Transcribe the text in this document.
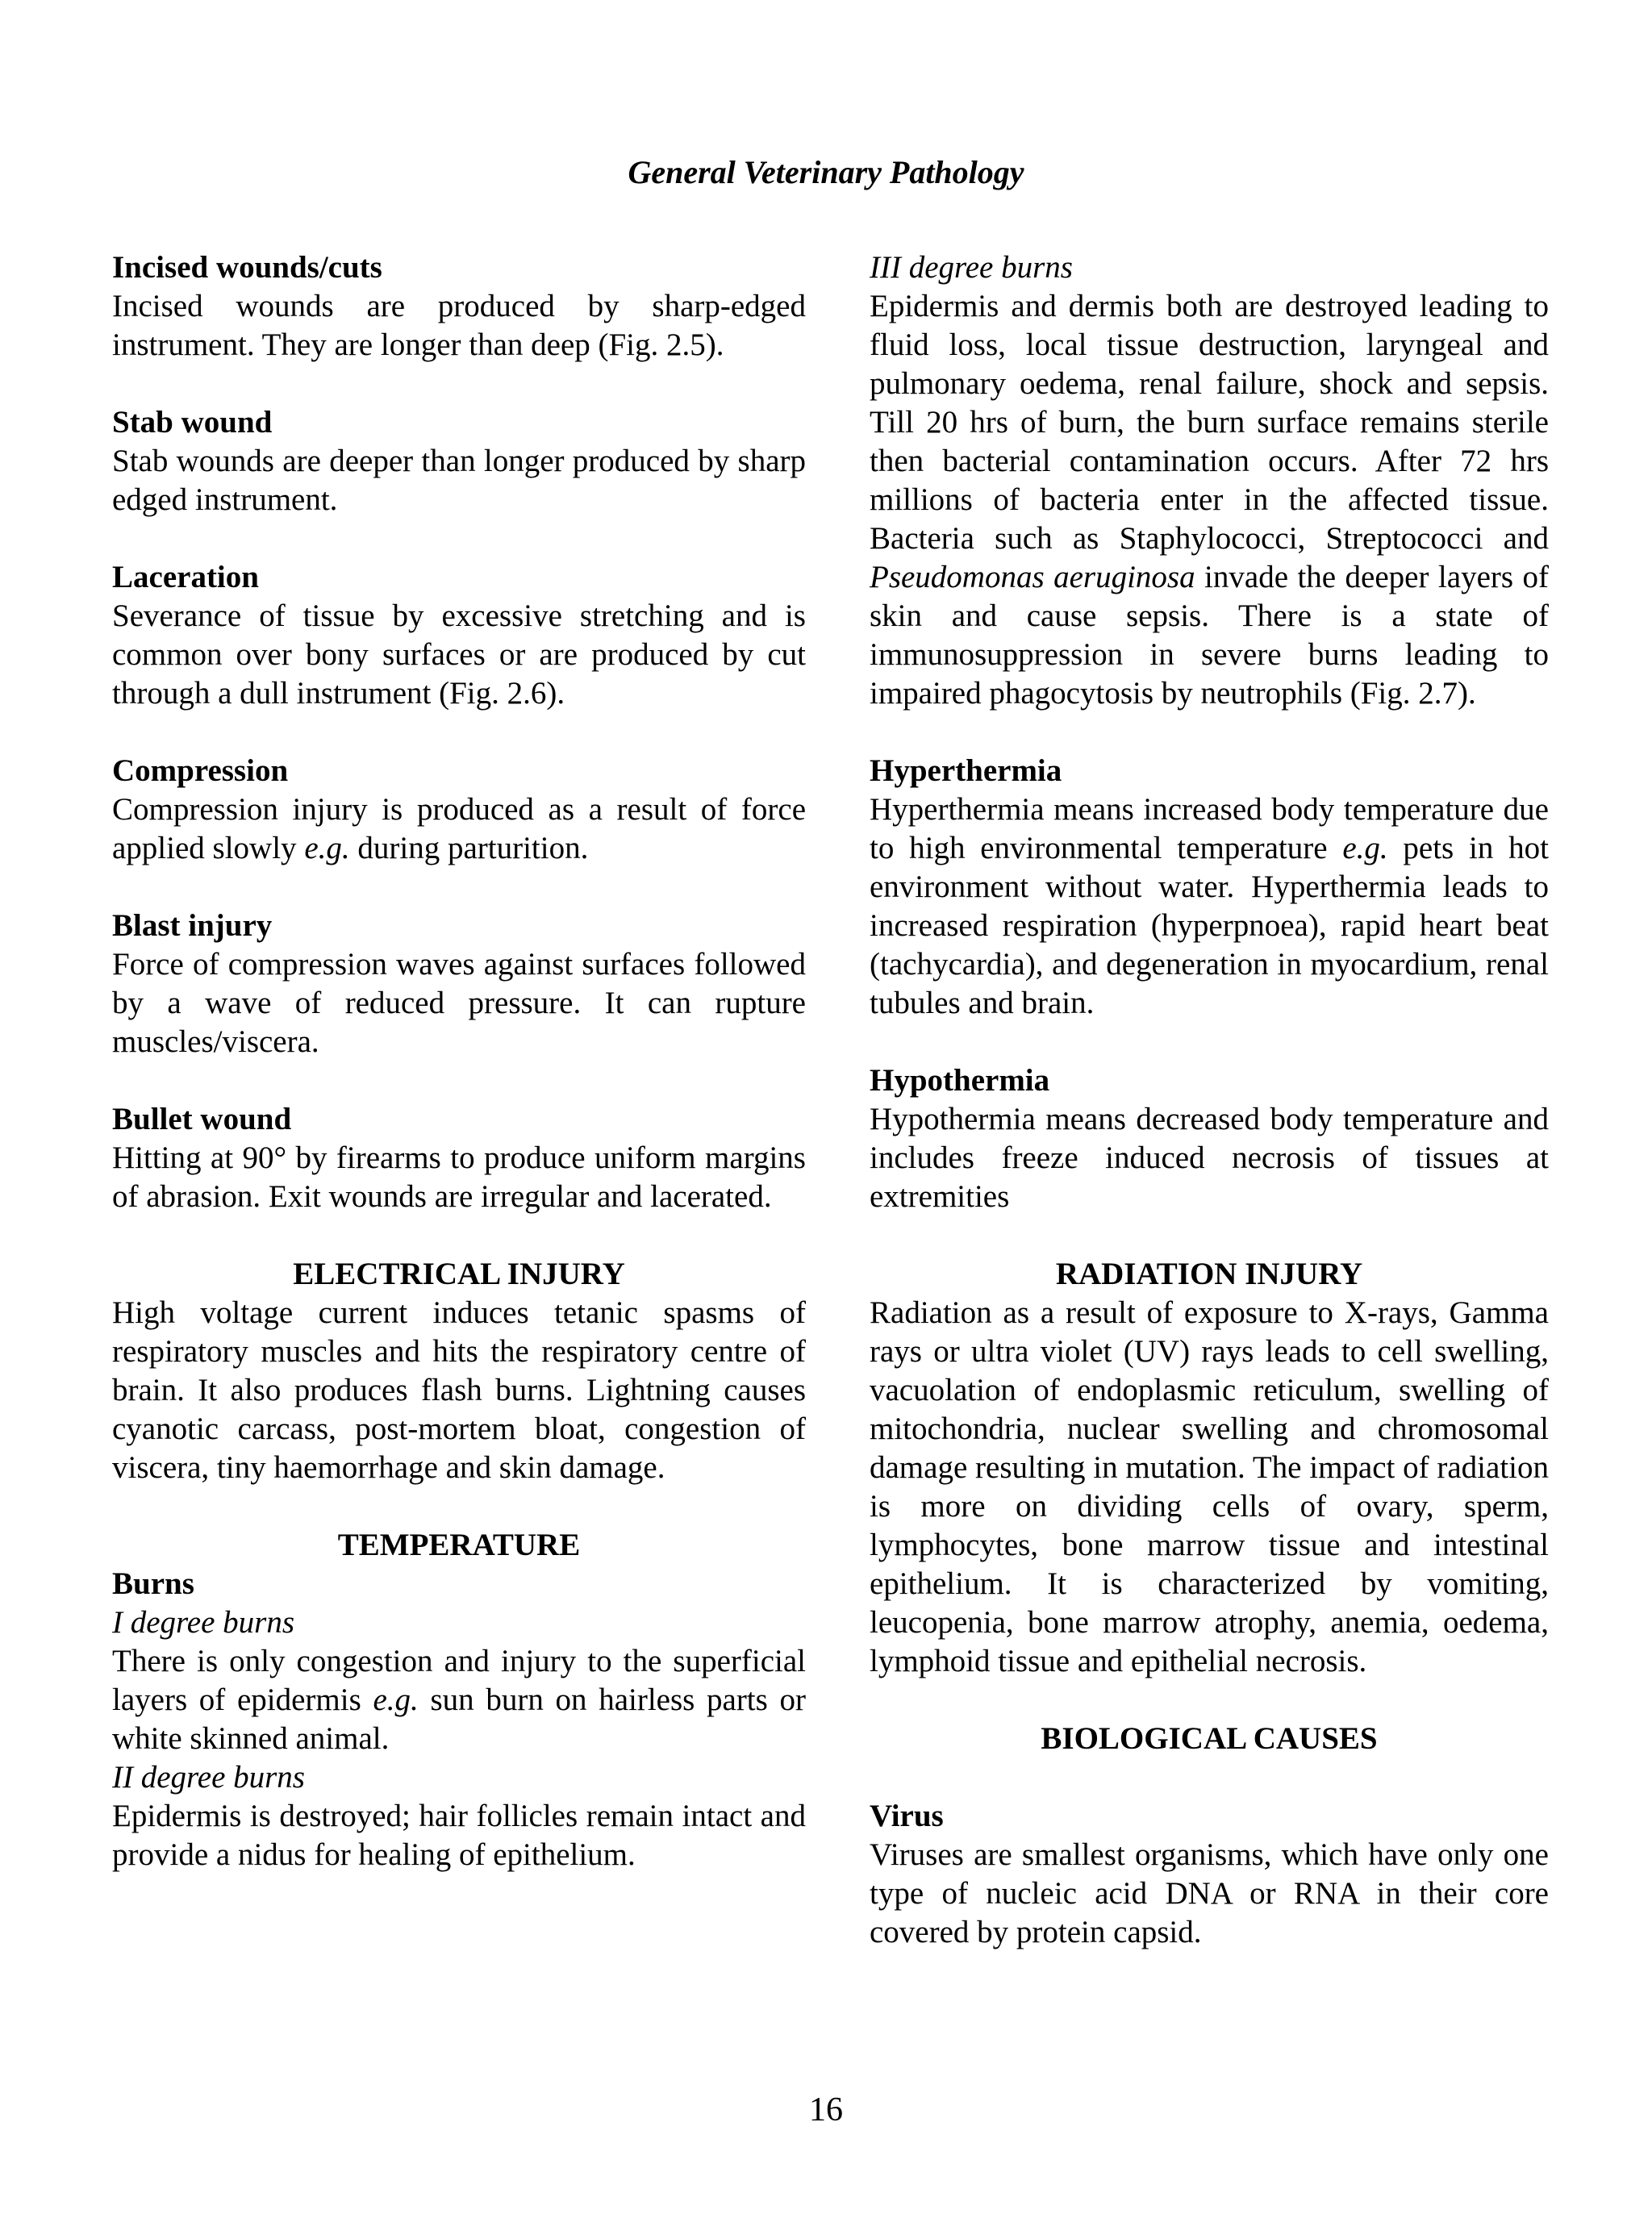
General Veterinary Pathology

Incised wounds/cuts

Incised wounds are produced by sharp-edged instrument. They are longer than deep (Fig. 2.5).

Stab wound

Stab wounds are deeper than longer produced by sharp edged instrument.

Laceration

Severance of tissue by excessive stretching and is common over bony surfaces or are produced by cut through a dull instrument (Fig. 2.6).

Compression

Compression injury is produced as a result of force applied slowly e.g. during parturition.

Blast injury

Force of compression waves against surfaces followed by a wave of reduced pressure. It can rupture muscles/viscera.

Bullet wound

Hitting at 90° by firearms to produce uniform margins of abrasion. Exit wounds are irregular and lacerated.

ELECTRICAL INJURY

High voltage current induces tetanic spasms of respiratory muscles and hits the respiratory centre of brain. It also produces flash burns. Lightning causes cyanotic carcass, post-mortem bloat, congestion of viscera, tiny haemorrhage and skin damage.

TEMPERATURE

Burns

I degree burns

There is only congestion and injury to the superficial layers of epidermis e.g. sun burn on hairless parts or white skinned animal.

II degree burns

Epidermis is destroyed; hair follicles remain intact and provide a nidus for healing of epithelium.

III degree burns

Epidermis and dermis both are destroyed leading to fluid loss, local tissue destruction, laryngeal and pulmonary oedema, renal failure, shock and sepsis. Till 20 hrs of burn, the burn surface remains sterile then bacterial contamination occurs. After 72 hrs millions of bacteria enter in the affected tissue. Bacteria such as Staphylococci, Streptococci and Pseudomonas aeruginosa invade the deeper layers of skin and cause sepsis. There is a state of immunosuppression in severe burns leading to impaired phagocytosis by neutrophils (Fig. 2.7).

Hyperthermia

Hyperthermia means increased body temperature due to high environmental temperature e.g. pets in hot environment without water. Hyperthermia leads to increased respiration (hyperpnoea), rapid heart beat (tachycardia), and degeneration in myocardium, renal tubules and brain.

Hypothermia

Hypothermia means decreased body temperature and includes freeze induced necrosis of tissues at extremities

RADIATION INJURY

Radiation as a result of exposure to X-rays, Gamma rays or ultra violet (UV) rays leads to cell swelling, vacuolation of endoplasmic reticulum, swelling of mitochondria, nuclear swelling and chromosomal damage resulting in mutation. The impact of radiation is more on dividing cells of ovary, sperm, lymphocytes, bone marrow tissue and intestinal epithelium. It is characterized by vomiting, leucopenia, bone marrow atrophy, anemia, oedema, lymphoid tissue and epithelial necrosis.

BIOLOGICAL CAUSES

Virus

Viruses are smallest organisms, which have only one type of nucleic acid DNA or RNA in their core covered by protein capsid.

16
